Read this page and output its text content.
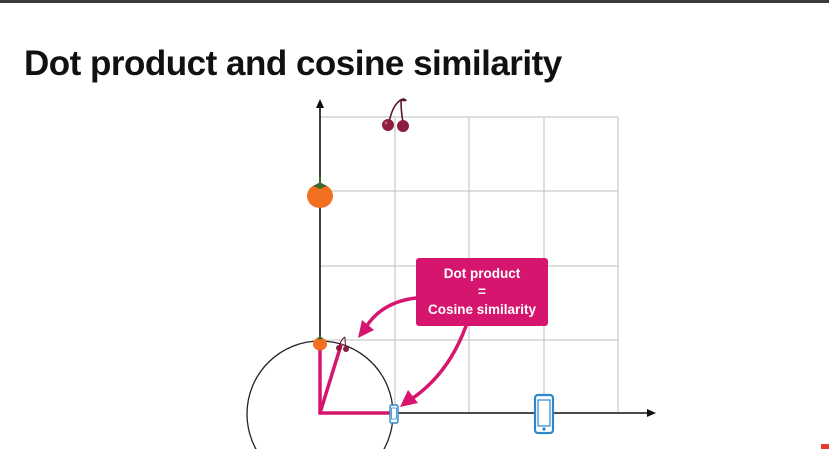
Dot product and cosine similarity
Dot product
=
Cosine similarity
